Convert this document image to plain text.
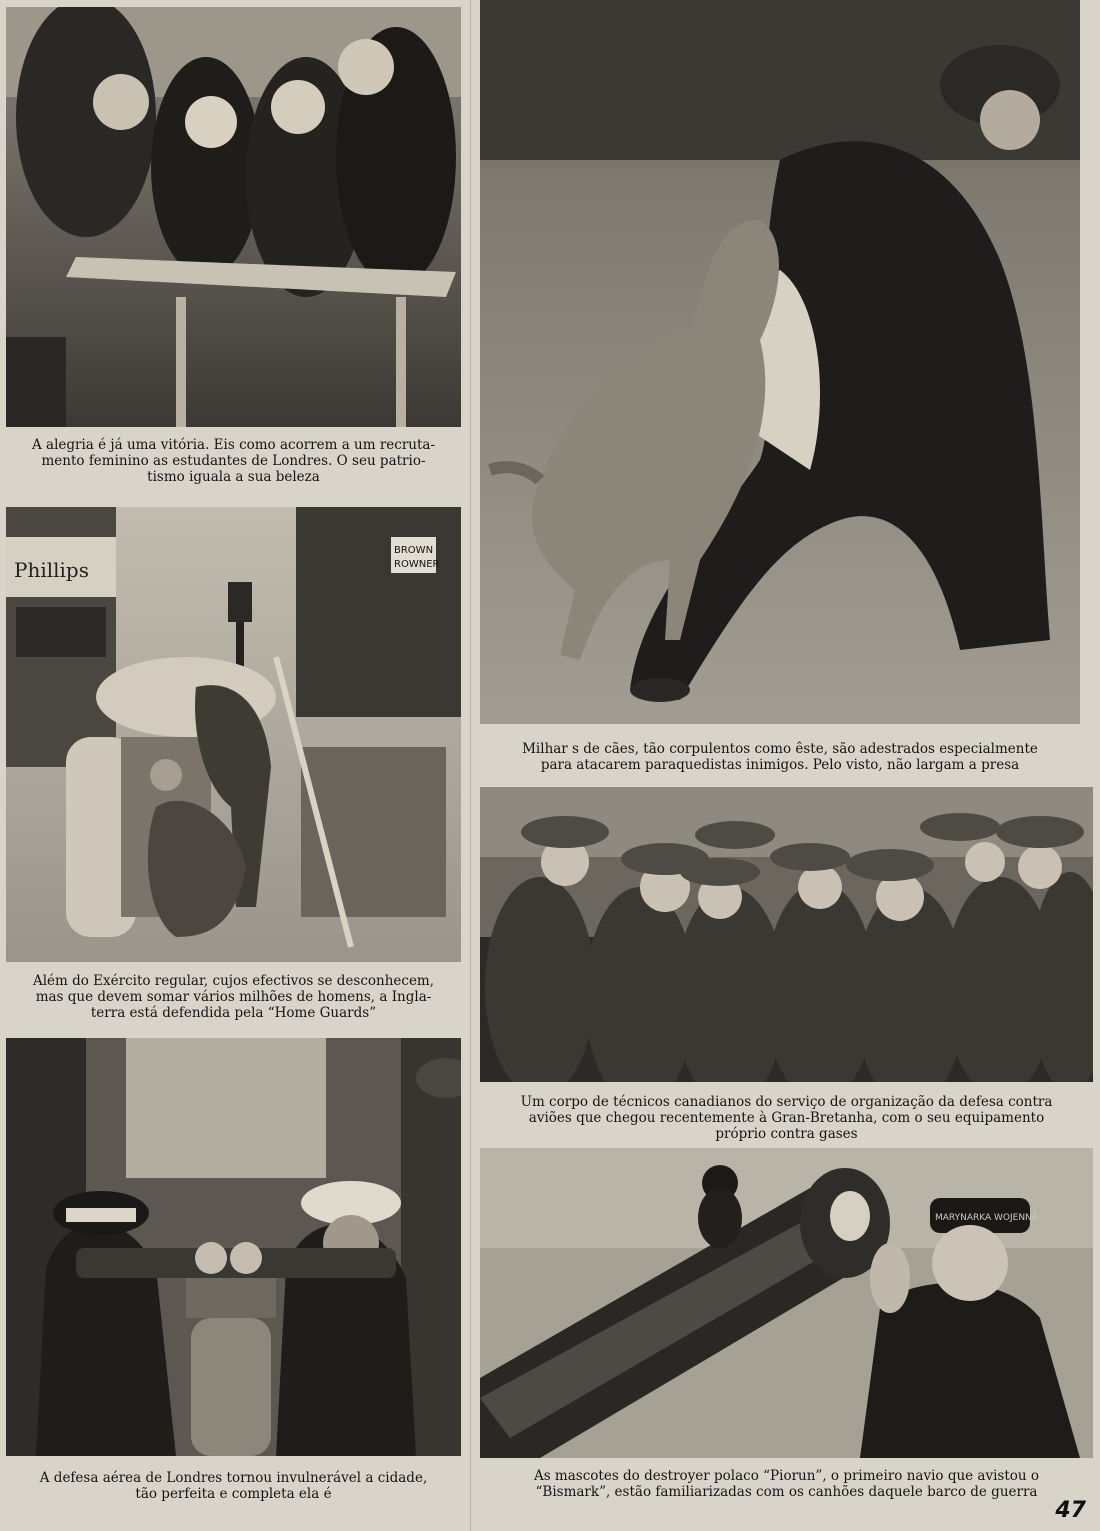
A alegria é já uma vitória. Eis como acorrem a um recruta-
mento feminino as estudantes de Londres. O seu patrio-
tismo iguala a sua beleza
Milhar s de cães, tão corpulentos como êste, são adestrados especialmente
para atacarem paraquedistas inimigos. Pelo visto, não largam a presa
Phillips
BROWN
ROWNER
Além do Exército regular, cujos efectivos se desconhecem,
mas que devem somar vários milhões de homens, a Ingla-
terra está defendida pela “Home Guards”
Um corpo de técnicos canadianos do serviço de organização da defesa contra
aviões que chegou recentemente à Gran-Bretanha, com o seu equipamento
próprio contra gases
A defesa aérea de Londres tornou invulnerável a cidade,
tão perfeita e completa ela é
MARYNARKA WOJENNA
As mascotes do destroyer polaco “Piorun”, o primeiro navio que avistou o
“Bismark”, estão familiarizadas com os canhões daquele barco de guerra
47
